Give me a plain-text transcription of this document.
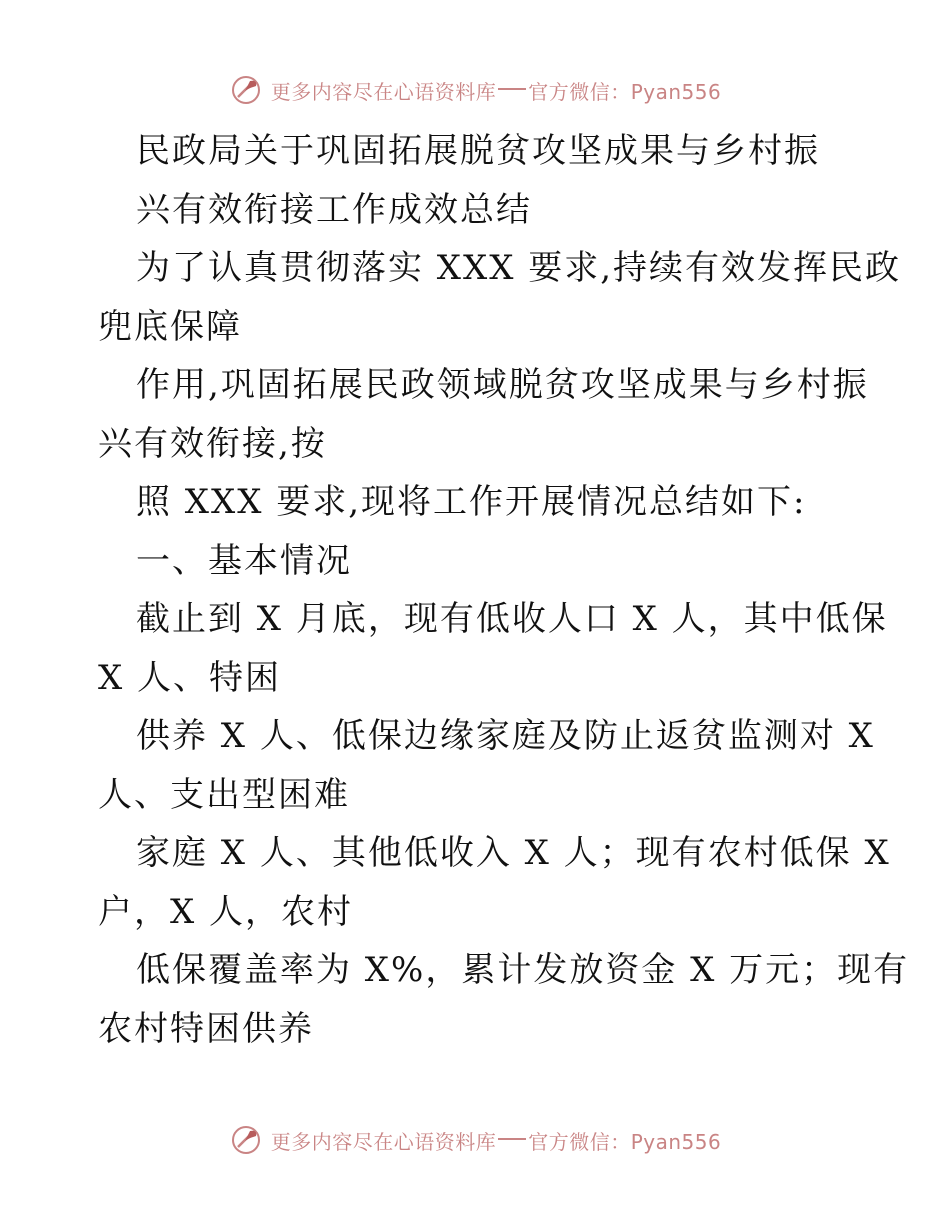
更多内容尽在心语资料库 官方微信：Pyan556
民政局关于巩固拓展脱贫攻坚成果与乡村振
兴有效衔接工作成效总结
为了认真贯彻落实 XXX 要求,持续有效发挥民政
兜底保障
作用,巩固拓展民政领域脱贫攻坚成果与乡村振
兴有效衔接,按
照 XXX 要求,现将工作开展情况总结如下:
一、基本情况
截止到 X 月底，现有低收人口 X 人，其中低保
X 人、特困
供养 X 人、低保边缘家庭及防止返贫监测对 X
人、支出型困难
家庭 X 人、其他低收入 X 人；现有农村低保 X
户，X 人，农村
低保覆盖率为 X%，累计发放资金 X 万元；现有
农村特困供养
更多内容尽在心语资料库 官方微信：Pyan556
